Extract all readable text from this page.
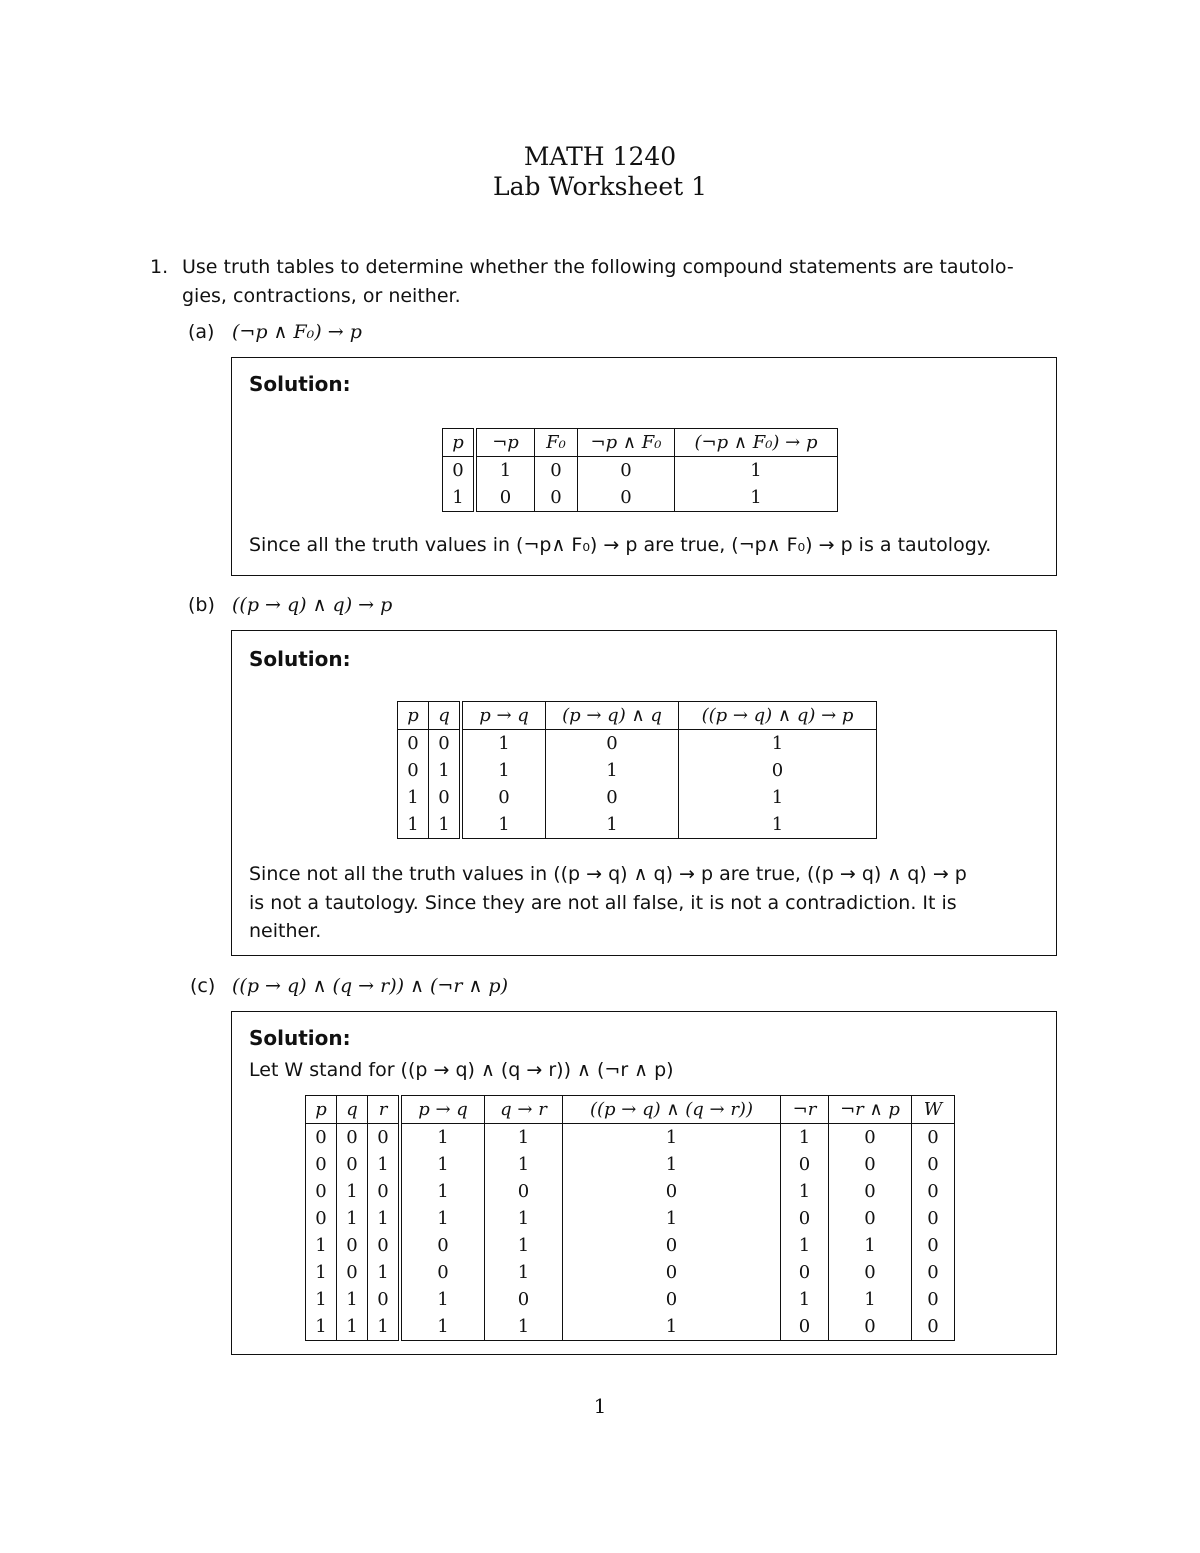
MATH 1240
Lab Worksheet 1
1. Use truth tables to determine whether the following compound statements are tautolo-
gies, contractions, or neither.
(a) (¬p ∧ F₀) → p
Solution:
p	¬p	F₀	¬p ∧ F₀	(¬p ∧ F₀) → p
0	1	0	0	1
1	0	0	0	1
Since all the truth values in (¬p∧ F₀) → p are true, (¬p∧ F₀) → p is a tautology.
(b) ((p → q) ∧ q) → p
Solution:
p	q	p → q	(p → q) ∧ q	((p → q) ∧ q) → p
0	0	1	0	1
0	1	1	1	0
1	0	0	0	1
1	1	1	1	1
Since not all the truth values in ((p → q) ∧ q) → p are true, ((p → q) ∧ q) → p
is not a tautology. Since they are not all false, it is not a contradiction. It is
neither.
(c) ((p → q) ∧ (q → r)) ∧ (¬r ∧ p)
Solution:
Let W stand for ((p → q) ∧ (q → r)) ∧ (¬r ∧ p)
p	q	r	p → q	q → r	((p → q) ∧ (q → r))	¬r	¬r ∧ p	W
0	0	0	1	1	1	1	0	0
0	0	1	1	1	1	0	0	0
0	1	0	1	0	0	1	0	0
0	1	1	1	1	1	0	0	0
1	0	0	0	1	0	1	1	0
1	0	1	0	1	0	0	0	0
1	1	0	1	0	0	1	1	0
1	1	1	1	1	1	0	0	0
1
